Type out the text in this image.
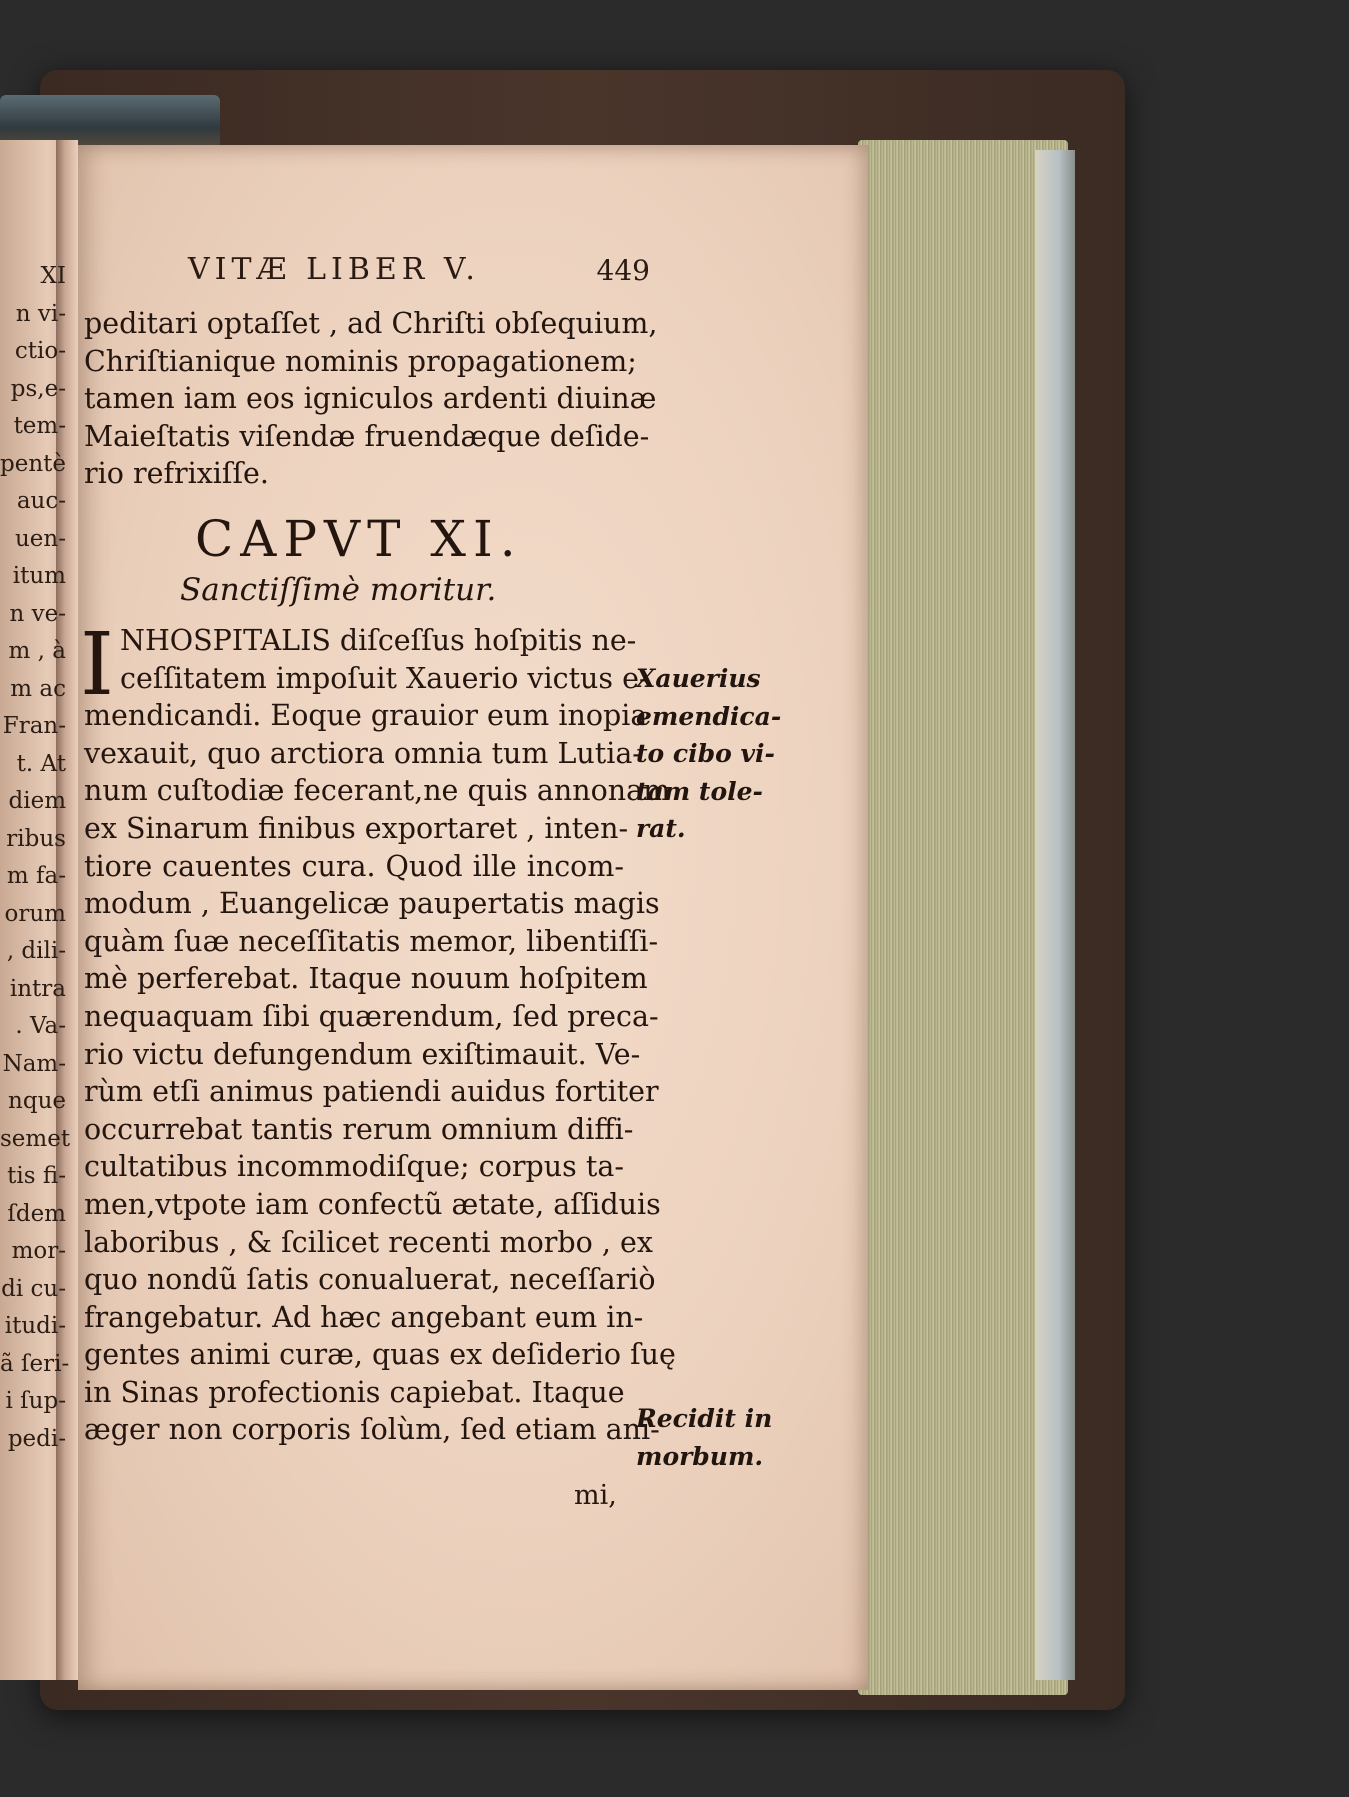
XI
n vi-
ctio-
ps,e-
tem-
pentè
auc-
uen-
itum
n ve-
m , à
m ac
Fran-
t. At
diem
ribus
m fa-
orum
, dili-
intra
. Va-
Nam-
nque
semet
tis fi-
ſdem
mor-
di cu-
itudi-
ã ſeri-
i ſup-
pedi-
VITÆ LIBER V.	449
peditari optaſſet , ad Chriſti obſequium,
Chriſtianique nominis propagationem;
tamen iam eos igniculos ardenti diuinæ
Maieſtatis viſendæ fruendæque deſide-
rio refrixiſſe.
CAPVT XI.
Sanctiſſimè moritur.
I NHOSPITALIS diſceſſus hoſpitis ne-
ceſſitatem impoſuit Xauerio victus e-
mendicandi. Eoque grauior eum inopia
vexauit, quo arctiora omnia tum Lutia-
num cuſtodiæ fecerant,ne quis annonam
ex Sinarum finibus exportaret , inten-
tiore cauentes cura. Quod ille incom-
modum , Euangelicæ paupertatis magis
quàm ſuæ neceſſitatis memor, libentiſſi-
mè perferebat. Itaque nouum hoſpitem
nequaquam ſibi quærendum, ſed preca-
rio victu defungendum exiſtimauit. Ve-
rùm etſi animus patiendi auidus fortiter
occurrebat tantis rerum omnium diffi-
cultatibus incommodiſque; corpus ta-
men,vtpote iam confectũ ætate, aſſiduis
laboribus , & ſcilicet recenti morbo , ex
quo nondũ ſatis conualuerat, neceſſariò
frangebatur. Ad hæc angebant eum in-
gentes animi curæ, quas ex deſiderio ſuę
in Sinas profectionis capiebat. Itaque
æger non corporis ſolùm, ſed etiam ani-
Xauerius
emendica-
to cibo vi-
tam tole-
rat.
Recidit in
morbum.
mi,
